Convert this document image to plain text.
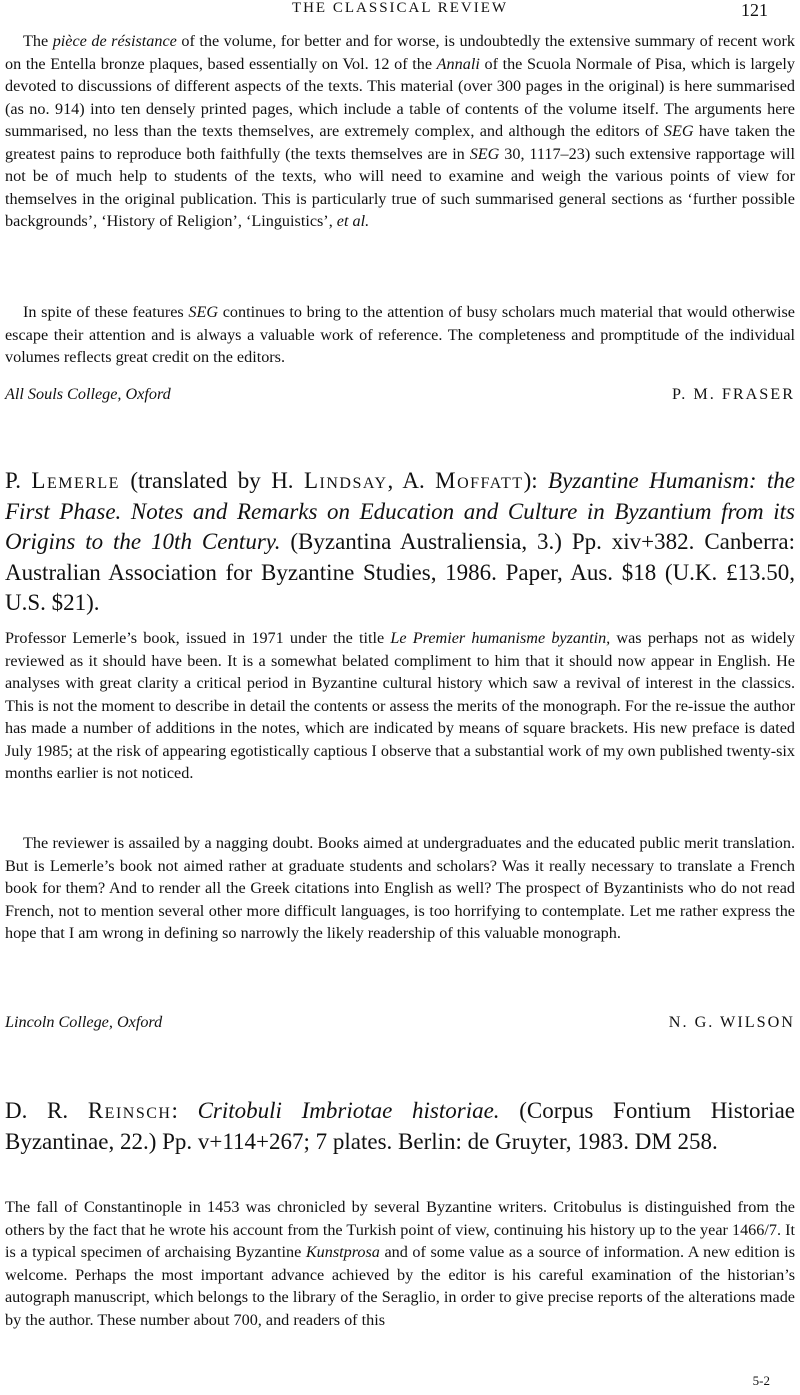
THE CLASSICAL REVIEW	121

The pièce de résistance of the volume, for better and for worse, is undoubtedly the extensive summary of recent work on the Entella bronze plaques, based essentially on Vol. 12 of the Annali of the Scuola Normale of Pisa, which is largely devoted to discussions of different aspects of the texts. This material (over 300 pages in the original) is here summarised (as no. 914) into ten densely printed pages, which include a table of contents of the volume itself. The arguments here summarised, no less than the texts themselves, are extremely complex, and although the editors of SEG have taken the greatest pains to reproduce both faithfully (the texts themselves are in SEG 30, 1117–23) such extensive rapportage will not be of much help to students of the texts, who will need to examine and weigh the various points of view for themselves in the original publication. This is particularly true of such summarised general sections as ‘further possible backgrounds’, ‘History of Religion’, ‘Linguistics’, et al.

In spite of these features SEG continues to bring to the attention of busy scholars much material that would otherwise escape their attention and is always a valuable work of reference. The completeness and promptitude of the individual volumes reflects great credit on the editors.

All Souls College, Oxford	P. M. FRASER

P. Lemerle (translated by H. Lindsay, A. Moffatt): Byzantine Humanism: the First Phase. Notes and Remarks on Education and Culture in Byzantium from its Origins to the 10th Century. (Byzantina Australiensia, 3.) Pp. xiv+382. Canberra: Australian Association for Byzantine Studies, 1986. Paper, Aus. $18 (U.K. £13.50, U.S. $21).

Professor Lemerle’s book, issued in 1971 under the title Le Premier humanisme byzantin, was perhaps not as widely reviewed as it should have been. It is a somewhat belated compliment to him that it should now appear in English. He analyses with great clarity a critical period in Byzantine cultural history which saw a revival of interest in the classics. This is not the moment to describe in detail the contents or assess the merits of the monograph. For the re-issue the author has made a number of additions in the notes, which are indicated by means of square brackets. His new preface is dated July 1985; at the risk of appearing egotistically captious I observe that a substantial work of my own published twenty-six months earlier is not noticed.

The reviewer is assailed by a nagging doubt. Books aimed at undergraduates and the educated public merit translation. But is Lemerle’s book not aimed rather at graduate students and scholars? Was it really necessary to translate a French book for them? And to render all the Greek citations into English as well? The prospect of Byzantinists who do not read French, not to mention several other more difficult languages, is too horrifying to contemplate. Let me rather express the hope that I am wrong in defining so narrowly the likely readership of this valuable monograph.

Lincoln College, Oxford	N. G. WILSON

D. R. Reinsch: Critobuli Imbriotae historiae. (Corpus Fontium Historiae Byzantinae, 22.) Pp. v+114+267; 7 plates. Berlin: de Gruyter, 1983. DM 258.

The fall of Constantinople in 1453 was chronicled by several Byzantine writers. Critobulus is distinguished from the others by the fact that he wrote his account from the Turkish point of view, continuing his history up to the year 1466/7. It is a typical specimen of archaising Byzantine Kunstprosa and of some value as a source of information. A new edition is welcome. Perhaps the most important advance achieved by the editor is his careful examination of the historian’s autograph manuscript, which belongs to the library of the Seraglio, in order to give precise reports of the alterations made by the author. These number about 700, and readers of this

5-2
